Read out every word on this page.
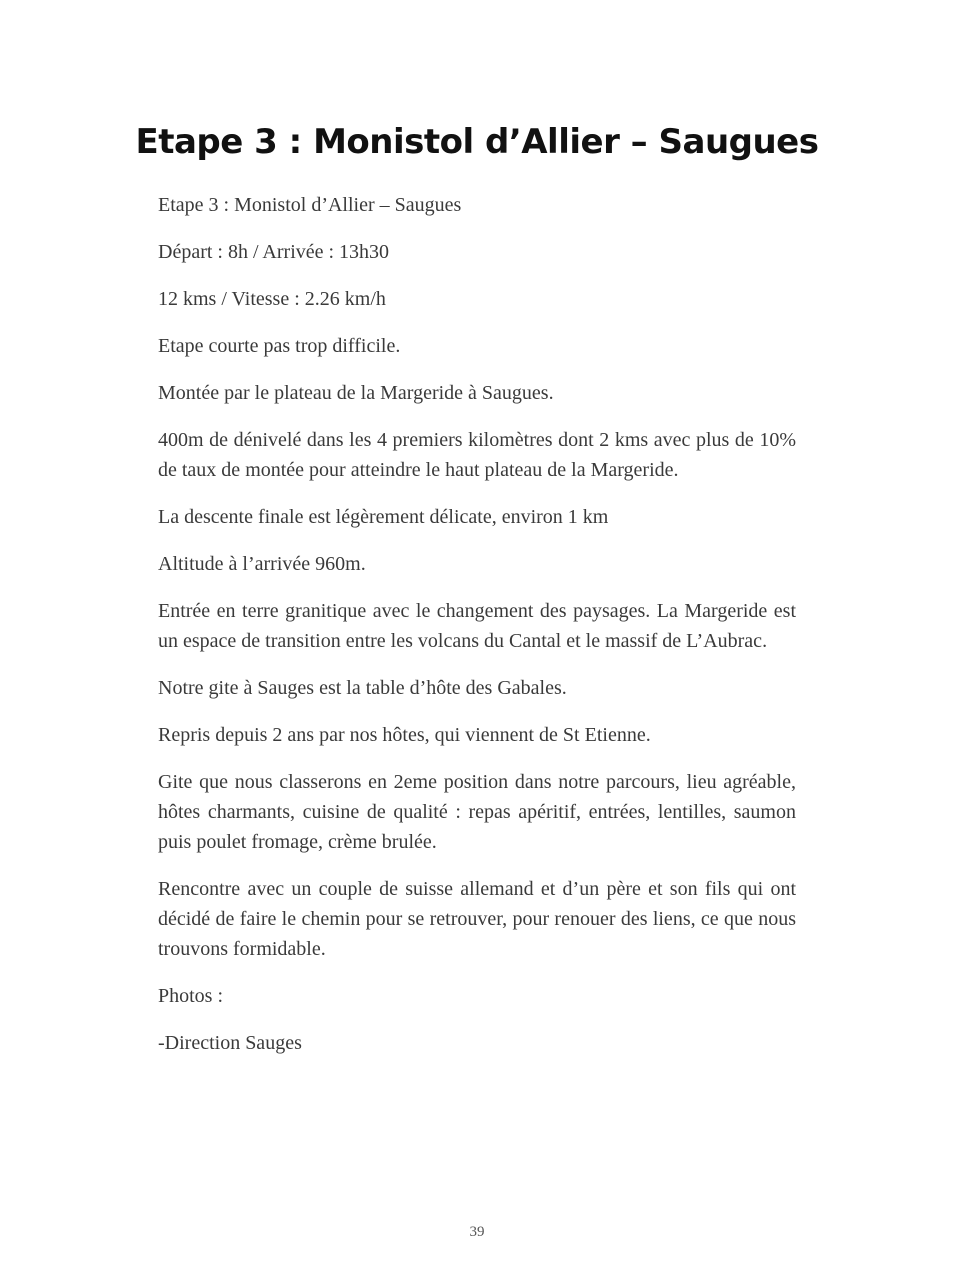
Etape 3 : Monistol d’Allier – Saugues

Etape 3 : Monistol d’Allier – Saugues

Départ : 8h / Arrivée : 13h30

12 kms / Vitesse : 2.26 km/h

Etape courte pas trop difficile.

Montée par le plateau de la Margeride à Saugues.

400m de dénivelé dans les 4 premiers kilomètres dont 2 kms avec plus de 10% de taux de montée pour atteindre le haut plateau de la Margeride.

La descente finale est légèrement délicate, environ 1 km

Altitude à l’arrivée 960m.

Entrée en terre granitique avec le changement des paysages. La Margeride est un espace de transition entre les volcans du Cantal et le massif de L’Aubrac.

Notre gite à Sauges est la table d’hôte des Gabales.

Repris depuis 2 ans par nos hôtes, qui viennent de St Etienne.

Gite que nous classerons en 2eme position dans notre parcours, lieu agréable, hôtes charmants, cuisine de qualité : repas apéritif, entrées, lentilles, saumon puis poulet fromage, crème brulée.

Rencontre avec un couple de suisse allemand et d’un père et son fils qui ont décidé de faire le chemin pour se retrouver, pour renouer des liens, ce que nous trouvons formidable.

Photos :

-Direction Sauges

39
